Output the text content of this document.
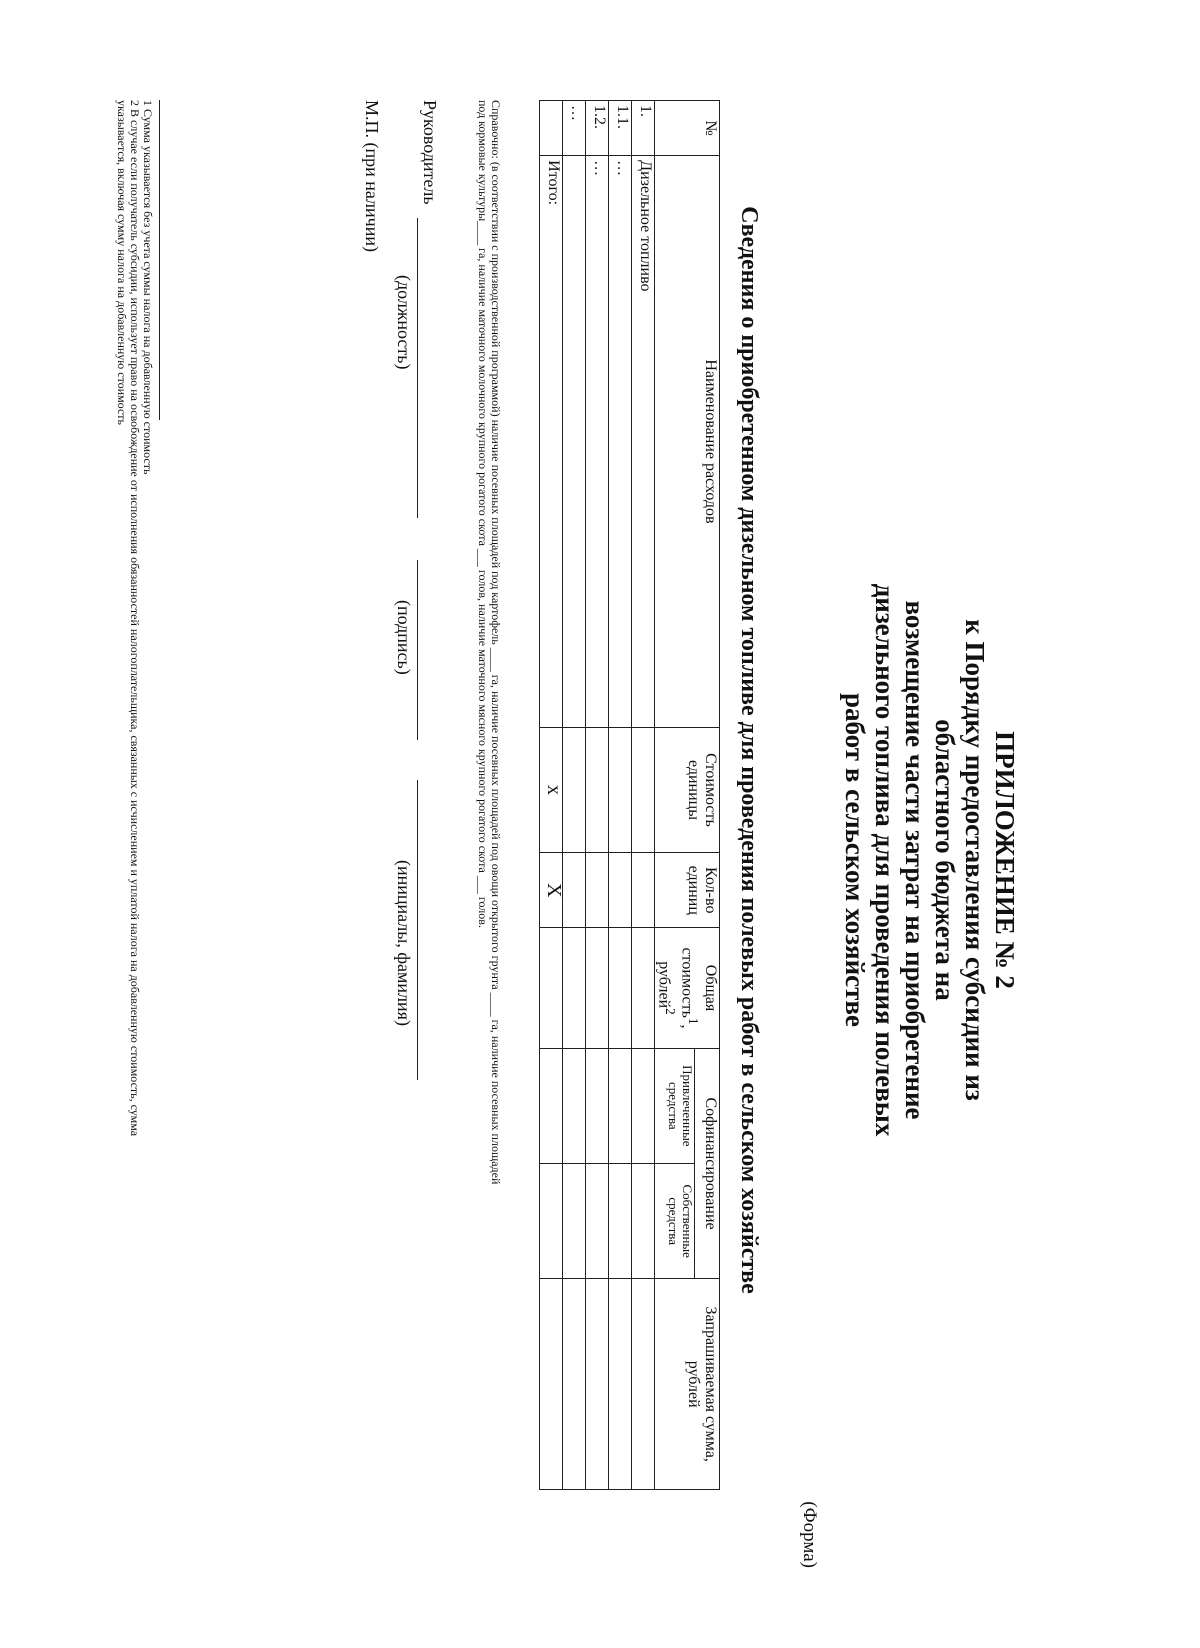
ПРИЛОЖЕНИЕ № 2
к Порядку предоставления субсидии из
областного бюджета на
возмещение части затрат на приобретение
дизельного топлива для проведения полевых
работ в сельском хозяйстве
(Форма)
Сведения о приобретенном дизельном топливе для проведения полевых работ в сельском хозяйстве
№	Наименование расходов	Стоимость единицы	Кол-во единиц	Общая стоимость$^1$, рублей$^2$	Софинансирование		Запрашиваемая сумма, рублей
					Привлеченные средства	Собственные средства	
1.	Дизельное топливо						
1.1.	…						
1.2.	…						
…							
	Итого:	х	Х				
Справочно: (в соответствии с производственной программой) наличие посевных площадей под картофель ____ га, наличие посевных площадей под овощи открытого грунта ____ га, наличие посевных площадей
под кормовые культуры____ га, наличие маточного молочного крупного рогатого скота ___ голов, наличие маточного мясного крупного рогатого скота ___ голов.
Руководитель
(должность)
(подпись)
(инициалы, фамилия)
М.П. (при наличии)
1 Сумма указывается без учета суммы налога на добавленную стоимость
2 В случае если получатель субсидии, использует право на освобождение от исполнения обязанностей налогоплательщика, связанных с исчислением и уплатой налога на добавленную стоимость, сумма
указывается, включая сумму налога на добавленную стоимость
